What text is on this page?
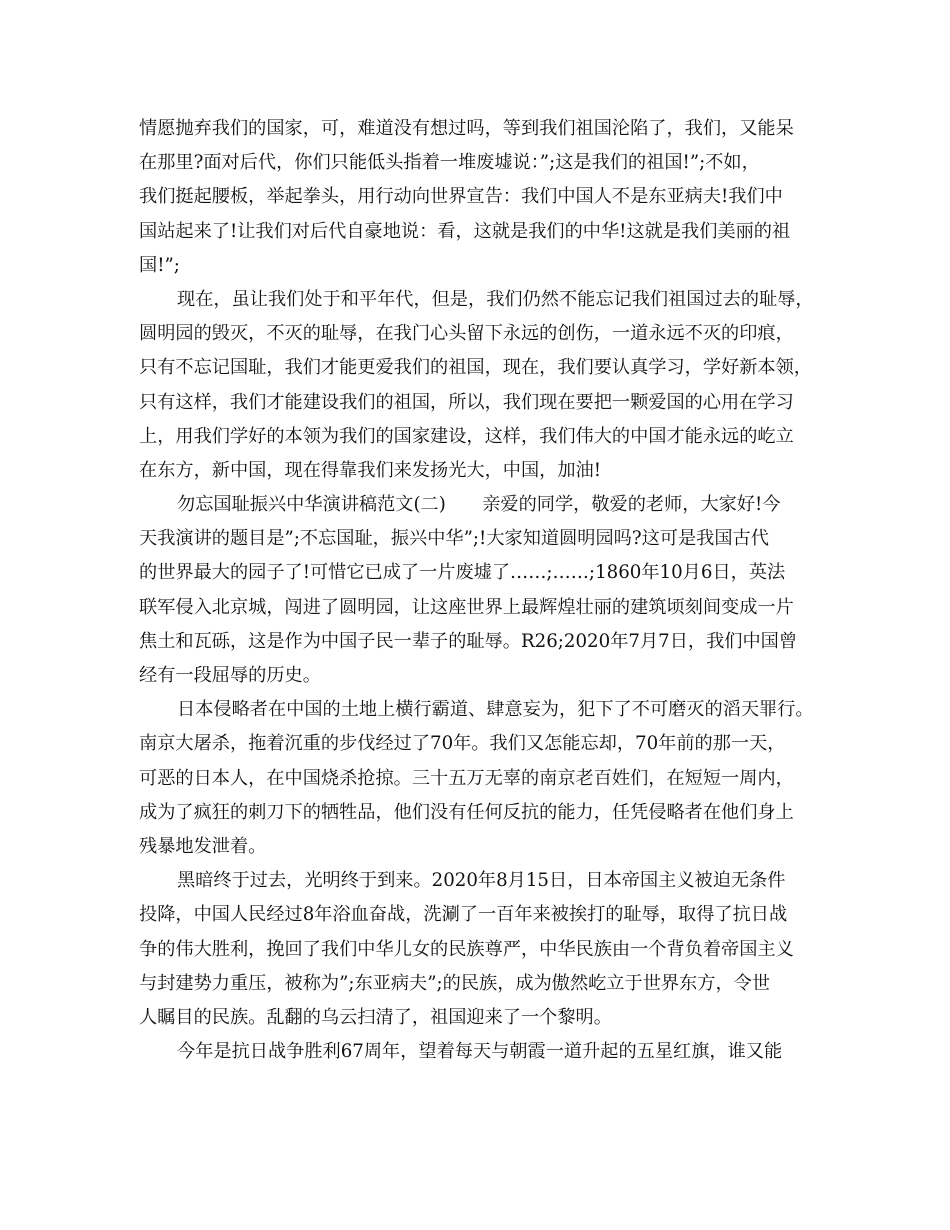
情愿抛弃我们的国家，可，难道没有想过吗，等到我们祖国沦陷了，我们，又能呆
在那里?面对后代，你们只能低头指着一堆废墟说：”;这是我们的祖国!”;不如，
我们挺起腰板，举起拳头，用行动向世界宣告：我们中国人不是东亚病夫!我们中
国站起来了!让我们对后代自豪地说：看，这就是我们的中华!这就是我们美丽的祖
国!”;
现在，虽让我们处于和平年代，但是，我们仍然不能忘记我们祖国过去的耻辱，
圆明园的毁灭，不灭的耻辱，在我门心头留下永远的创伤，一道永远不灭的印痕，
只有不忘记国耻，我们才能更爱我们的祖国，现在，我们要认真学习，学好新本领，
只有这样，我们才能建设我们的祖国，所以，我们现在要把一颗爱国的心用在学习
上，用我们学好的本领为我们的国家建设，这样，我们伟大的中国才能永远的屹立
在东方，新中国，现在得靠我们来发扬光大，中国，加油!
勿忘国耻振兴中华演讲稿范文(二)　　亲爱的同学，敬爱的老师，大家好!今
天我演讲的题目是”;不忘国耻，振兴中华”;!大家知道圆明园吗?这可是我国古代
的世界最大的园子了!可惜它已成了一片废墟了……;……;1860年10月6日，英法
联军侵入北京城，闯进了圆明园，让这座世界上最辉煌壮丽的建筑顷刻间变成一片
焦土和瓦砾，这是作为中国子民一辈子的耻辱。R26;2020年7月7日，我们中国曾
经有一段屈辱的历史。
日本侵略者在中国的土地上横行霸道、肆意妄为，犯下了不可磨灭的滔天罪行。
南京大屠杀，拖着沉重的步伐经过了70年。我们又怎能忘却，70年前的那一天，
可恶的日本人，在中国烧杀抢掠。三十五万无辜的南京老百姓们，在短短一周内，
成为了疯狂的刺刀下的牺牲品，他们没有任何反抗的能力，任凭侵略者在他们身上
残暴地发泄着。
黑暗终于过去，光明终于到来。2020年8月15日，日本帝国主义被迫无条件
投降，中国人民经过8年浴血奋战，洗涮了一百年来被挨打的耻辱，取得了抗日战
争的伟大胜利，挽回了我们中华儿女的民族尊严，中华民族由一个背负着帝国主义
与封建势力重压，被称为”;东亚病夫”;的民族，成为傲然屹立于世界东方，令世
人瞩目的民族。乱翻的乌云扫清了，祖国迎来了一个黎明。
今年是抗日战争胜利67周年，望着每天与朝霞一道升起的五星红旗，谁又能
